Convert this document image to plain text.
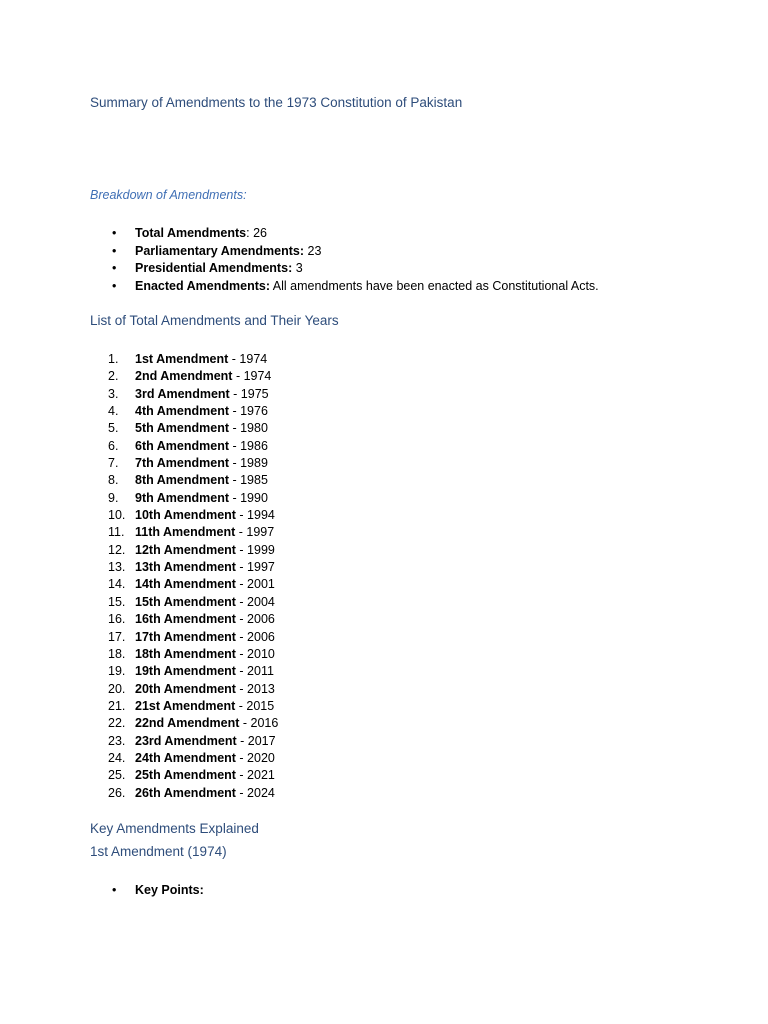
Summary of Amendments to the 1973 Constitution of Pakistan
Breakdown of Amendments:
• Total Amendments: 26
• Parliamentary Amendments: 23
• Presidential Amendments: 3
• Enacted Amendments: All amendments have been enacted as Constitutional Acts.
List of Total Amendments and Their Years
1. 1st Amendment - 1974
2. 2nd Amendment - 1974
3. 3rd Amendment - 1975
4. 4th Amendment - 1976
5. 5th Amendment - 1980
6. 6th Amendment - 1986
7. 7th Amendment - 1989
8. 8th Amendment - 1985
9. 9th Amendment - 1990
10. 10th Amendment - 1994
11. 11th Amendment - 1997
12. 12th Amendment - 1999
13. 13th Amendment - 1997
14. 14th Amendment - 2001
15. 15th Amendment - 2004
16. 16th Amendment - 2006
17. 17th Amendment - 2006
18. 18th Amendment - 2010
19. 19th Amendment - 2011
20. 20th Amendment - 2013
21. 21st Amendment - 2015
22. 22nd Amendment - 2016
23. 23rd Amendment - 2017
24. 24th Amendment - 2020
25. 25th Amendment - 2021
26. 26th Amendment - 2024
Key Amendments Explained
1st Amendment (1974)
• Key Points:
